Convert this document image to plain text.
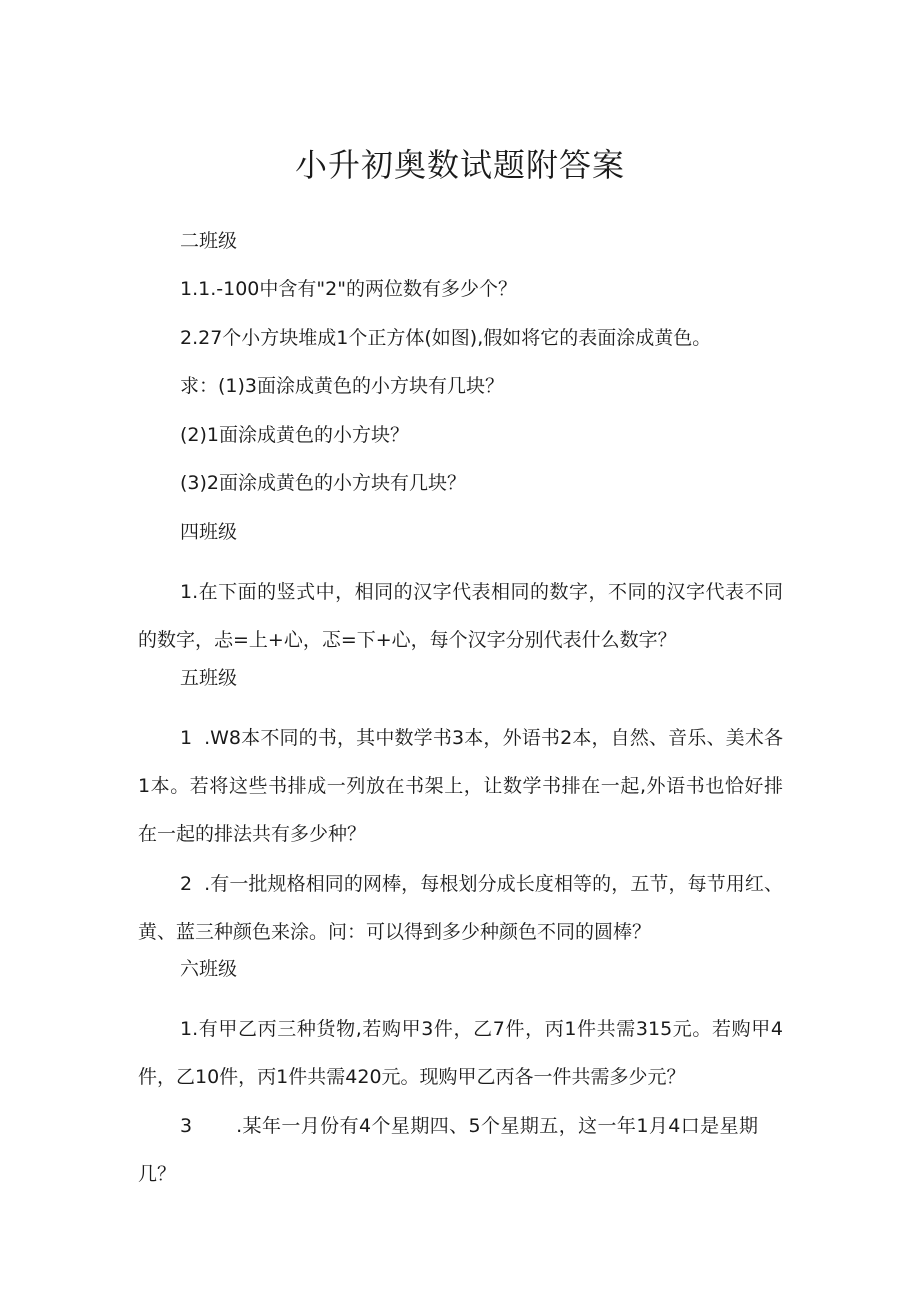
小升初奥数试题附答案

二班级

1.1.-100中含有"2"的两位数有多少个？

2.27个小方块堆成1个正方体(如图),假如将它的表面涂成黄色。

求：(1)3面涂成黄色的小方块有几块？

(2)1面涂成黄色的小方块？

(3)2面涂成黄色的小方块有几块？

四班级

1.在下面的竖式中，相同的汉字代表相同的数字，不同的汉字代表不同的数字，忐=上+心，忑=下+心，每个汉字分别代表什么数字？

五班级

1 .W8本不同的书，其中数学书3本，外语书2本，自然、音乐、美术各1本。若将这些书排成一列放在书架上，让数学书排在一起,外语书也恰好排在一起的排法共有多少种？

2 .有一批规格相同的网棒，每根划分成长度相等的，五节，每节用红、黄、蓝三种颜色来涂。问：可以得到多少种颜色不同的圆棒？

六班级

1.有甲乙丙三种货物,若购甲3件，乙7件，丙1件共需315元。若购甲4件，乙10件，丙1件共需420元。现购甲乙丙各一件共需多少元？

3 .某年一月份有4个星期四、5个星期五，这一年1月4口是星期几？
